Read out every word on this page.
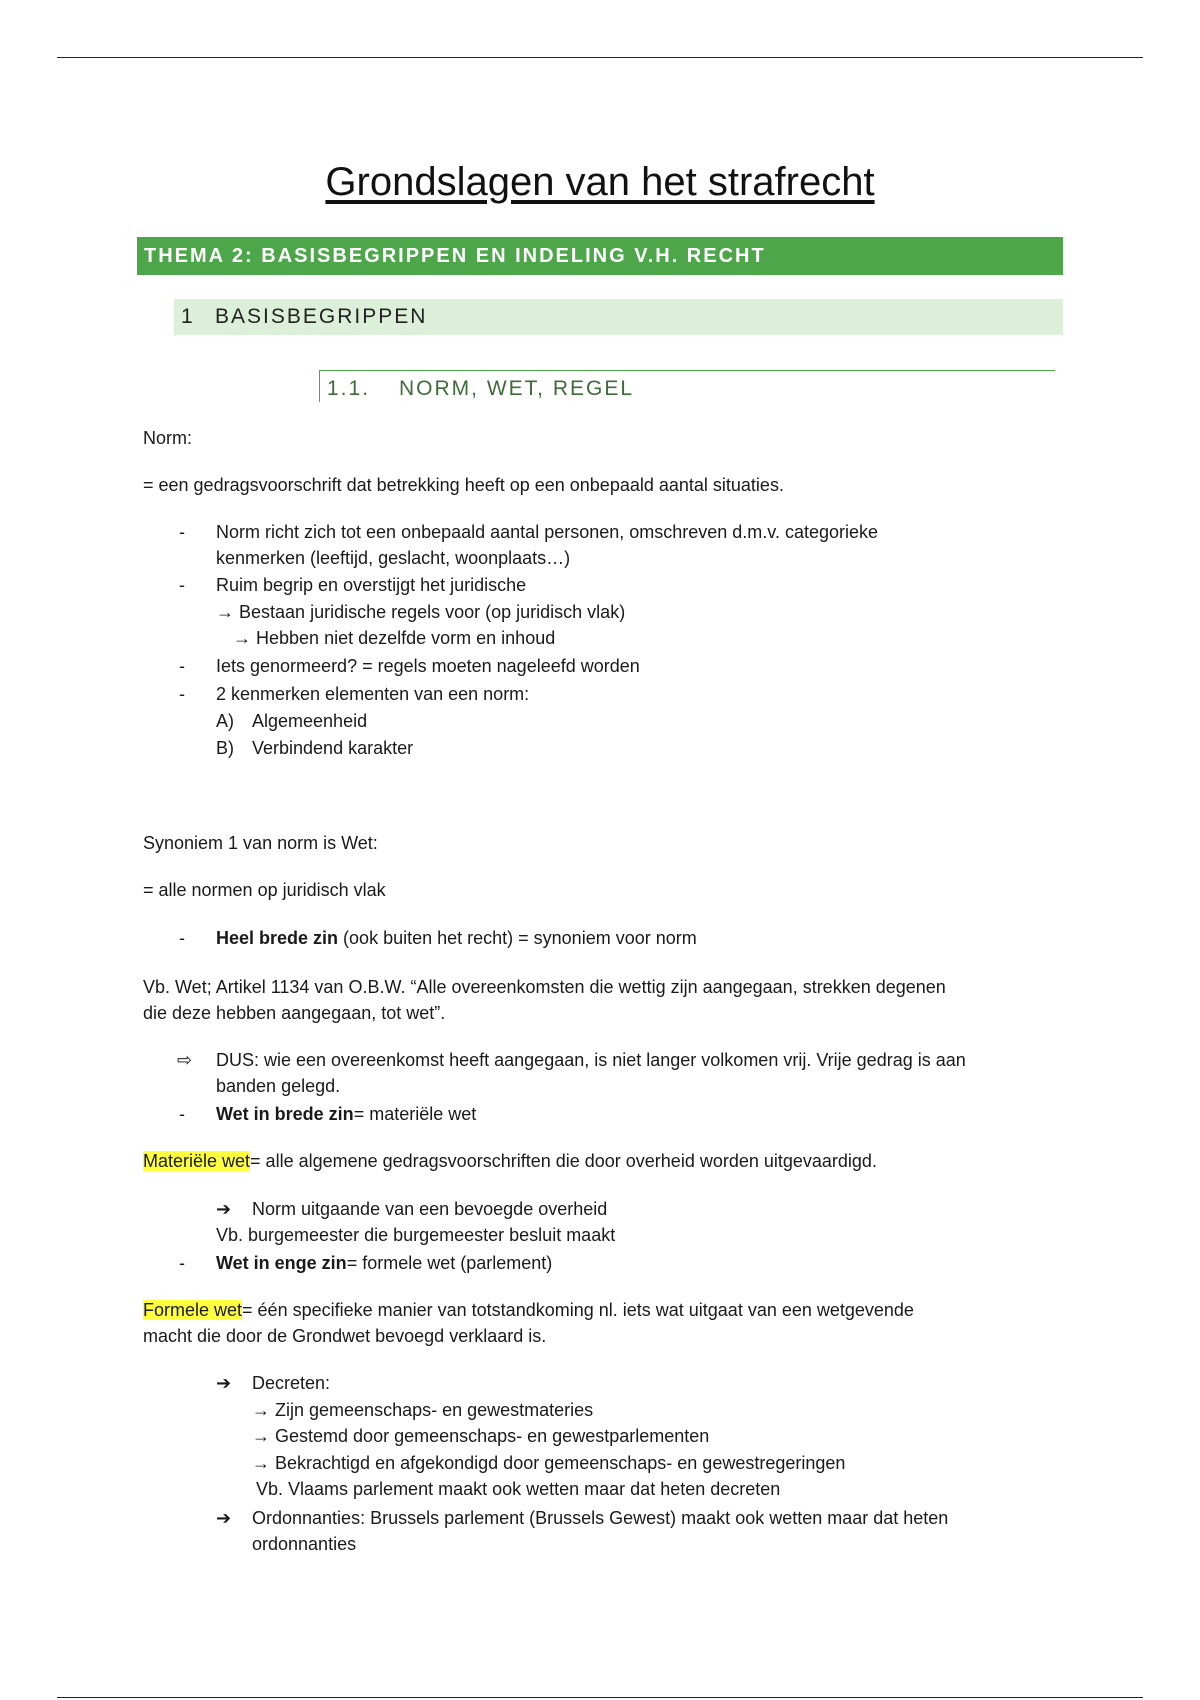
Grondslagen van het strafrecht
THEMA 2: BASISBEGRIPPEN EN INDELING V.H. RECHT
1 BASISBEGRIPPEN
1.1. NORM, WET, REGEL
Norm:
= een gedragsvoorschrift dat betrekking heeft op een onbepaald aantal situaties.
- Norm richt zich tot een onbepaald aantal personen, omschreven d.m.v. categorieke
kenmerken (leeftijd, geslacht, woonplaats…)
- Ruim begrip en overstijgt het juridische
→ Bestaan juridische regels voor (op juridisch vlak)
→ Hebben niet dezelfde vorm en inhoud
- Iets genormeerd? = regels moeten nageleefd worden
- 2 kenmerken elementen van een norm:
A) Algemeenheid
B) Verbindend karakter
Synoniem 1 van norm is Wet:
= alle normen op juridisch vlak
- Heel brede zin (ook buiten het recht) = synoniem voor norm
Vb. Wet; Artikel 1134 van O.B.W. “Alle overeenkomsten die wettig zijn aangegaan, strekken degenen
die deze hebben aangegaan, tot wet”.
⇨ DUS: wie een overeenkomst heeft aangegaan, is niet langer volkomen vrij. Vrije gedrag is aan
banden gelegd.
- Wet in brede zin= materiële wet
Materiële wet= alle algemene gedragsvoorschriften die door overheid worden uitgevaardigd.
➔ Norm uitgaande van een bevoegde overheid
Vb. burgemeester die burgemeester besluit maakt
- Wet in enge zin= formele wet (parlement)
Formele wet= één specifieke manier van totstandkoming nl. iets wat uitgaat van een wetgevende
macht die door de Grondwet bevoegd verklaard is.
➔ Decreten:
→ Zijn gemeenschaps- en gewestmateries
→ Gestemd door gemeenschaps- en gewestparlementen
→ Bekrachtigd en afgekondigd door gemeenschaps- en gewestregeringen
Vb. Vlaams parlement maakt ook wetten maar dat heten decreten
➔ Ordonnanties: Brussels parlement (Brussels Gewest) maakt ook wetten maar dat heten
ordonnanties
